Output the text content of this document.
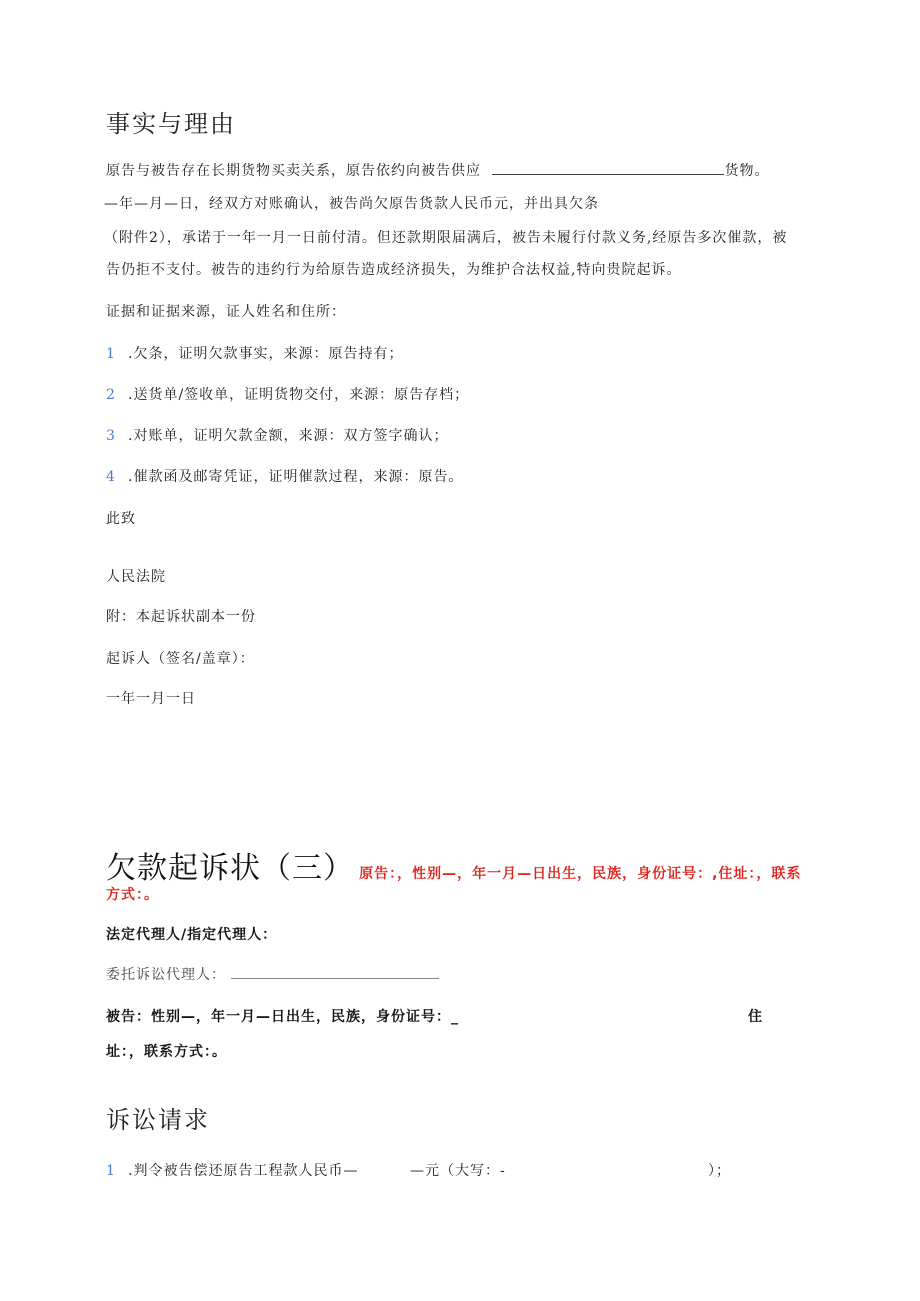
事实与理由
原告与被告存在长期货物买卖关系，原告依约向被告供应	货物。
—年—月—日，经双方对账确认，被告尚欠原告货款人民币元，并出具欠条
（附件2），承诺于一年一月一日前付清。但还款期限届满后，被告未履行付款义务,经原告多次催款，被
告仍拒不支付。被告的违约行为给原告造成经济损失，为维护合法权益,特向贵院起诉。
证据和证据来源，证人姓名和住所：
1 .欠条，证明欠款事实，来源：原告持有；
2 .送货单/签收单，证明货物交付，来源：原告存档；
3 .对账单，证明欠款金额，来源：双方签字确认；
4 .催款函及邮寄凭证，证明催款过程，来源：原告。
此致
人民法院
附：本起诉状副本一份
起诉人（签名/盖章）：
一年一月一日
欠款起诉状（三） 原告：，性别—，年一月—日出生，民族，身份证号：,住址：，联系
方式：。
法定代理人/指定代理人：
委托诉讼代理人：
被告：性别—，年一月—日出生，民族，身份证号：_	住
址：，联系方式：。
诉讼请求
1 .判令被告偿还原告工程款人民币—	—元（大写：-	）；
